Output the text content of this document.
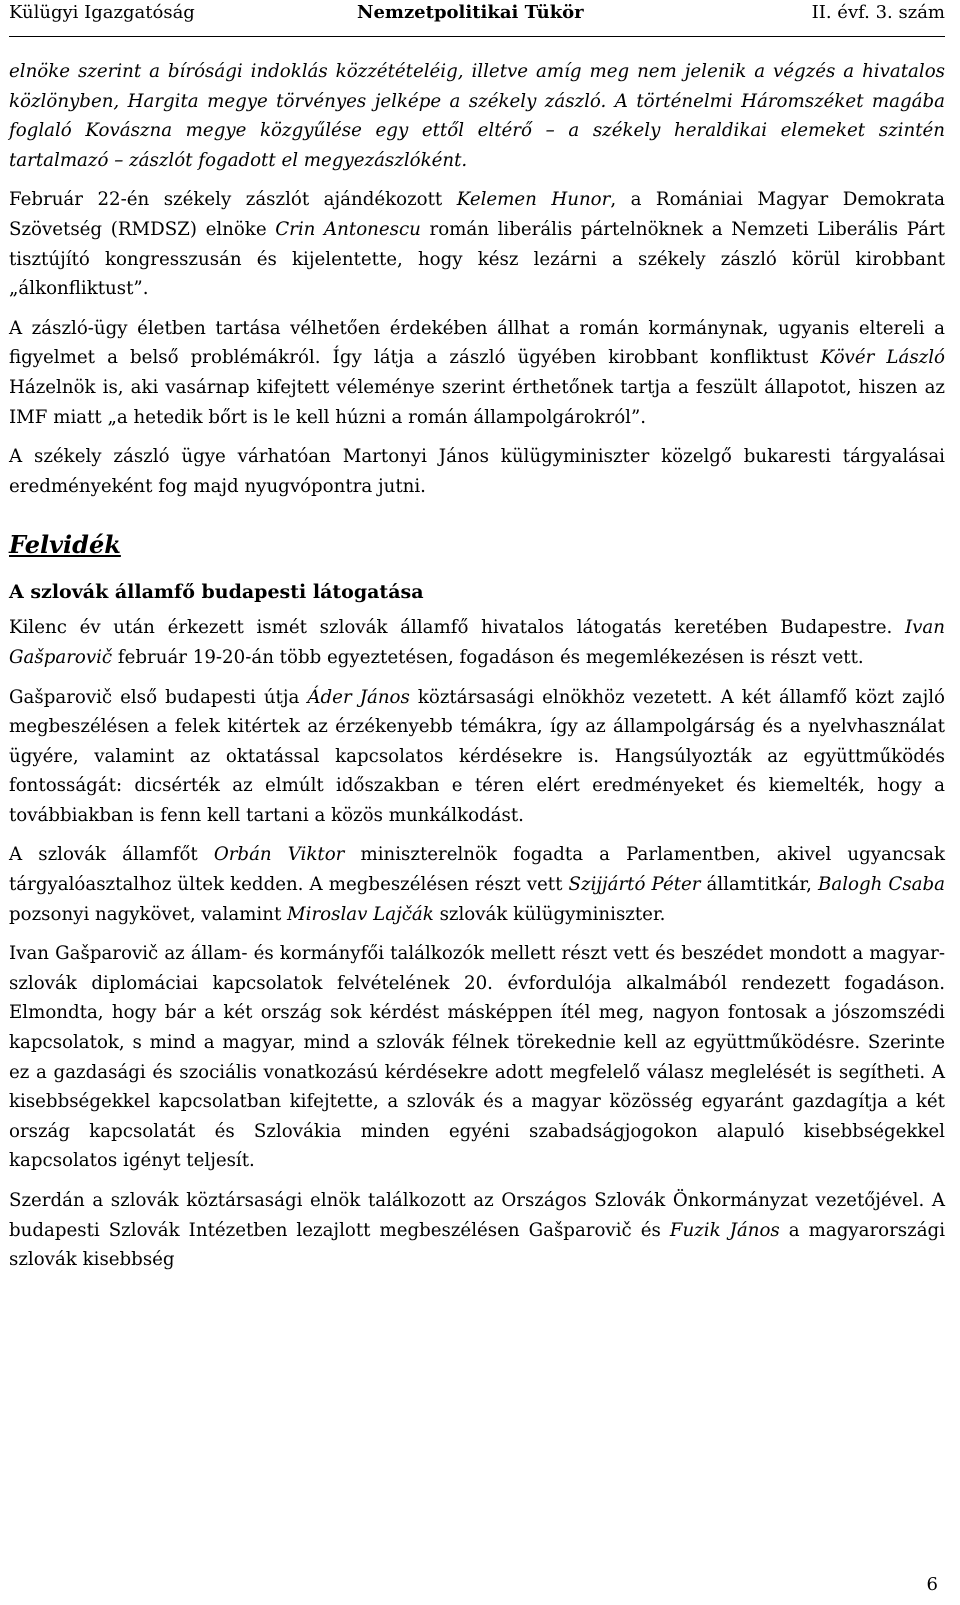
Külügyi Igazgatóság	Nemzetpolitikai Tükör	II. évf. 3. szám

elnöke szerint a bírósági indoklás közzétételéig, illetve amíg meg nem jelenik a végzés a hivatalos közlönyben, Hargita megye törvényes jelképe a székely zászló. A történelmi Háromszéket magába foglaló Kovászna megye közgyűlése egy ettől eltérő – a székely heraldikai elemeket szintén tartalmazó – zászlót fogadott el megyezászlóként.

Február 22-én székely zászlót ajándékozott Kelemen Hunor, a Romániai Magyar Demokrata Szövetség (RMDSZ) elnöke Crin Antonescu román liberális pártelnöknek a Nemzeti Liberális Párt tisztújító kongresszusán és kijelentette, hogy kész lezárni a székely zászló körül kirobbant „álkonfliktust”.

A zászló-ügy életben tartása vélhetően érdekében állhat a román kormánynak, ugyanis eltereli a figyelmet a belső problémákról. Így látja a zászló ügyében kirobbant konfliktust Kövér László Házelnök is, aki vasárnap kifejtett véleménye szerint érthetőnek tartja a feszült állapotot, hiszen az IMF miatt „a hetedik bőrt is le kell húzni a román állampolgárokról”.

A székely zászló ügye várhatóan Martonyi János külügyminiszter közelgő bukaresti tárgyalásai eredményeként fog majd nyugvópontra jutni.

Felvidék
A szlovák államfő budapesti látogatása

Kilenc év után érkezett ismét szlovák államfő hivatalos látogatás keretében Budapestre. Ivan Gašparovič február 19-20-án több egyeztetésen, fogadáson és megemlékezésen is részt vett.

Gašparovič első budapesti útja Áder János köztársasági elnökhöz vezetett. A két államfő közt zajló megbeszélésen a felek kitértek az érzékenyebb témákra, így az állampolgárság és a nyelvhasználat ügyére, valamint az oktatással kapcsolatos kérdésekre is. Hangsúlyozták az együttműködés fontosságát: dicsérték az elmúlt időszakban e téren elért eredményeket és kiemelték, hogy a továbbiakban is fenn kell tartani a közös munkálkodást.

A szlovák államfőt Orbán Viktor miniszterelnök fogadta a Parlamentben, akivel ugyancsak tárgyalóasztalhoz ültek kedden. A megbeszélésen részt vett Szijjártó Péter államtitkár, Balogh Csaba pozsonyi nagykövet, valamint Miroslav Lajčák szlovák külügyminiszter.

Ivan Gašparovič az állam- és kormányfői találkozók mellett részt vett és beszédet mondott a magyar-szlovák diplomáciai kapcsolatok felvételének 20. évfordulója alkalmából rendezett fogadáson. Elmondta, hogy bár a két ország sok kérdést másképpen ítél meg, nagyon fontosak a jószomszédi kapcsolatok, s mind a magyar, mind a szlovák félnek törekednie kell az együttműködésre. Szerinte ez a gazdasági és szociális vonatkozású kérdésekre adott megfelelő válasz meglelését is segítheti. A kisebbségekkel kapcsolatban kifejtette, a szlovák és a magyar közösség egyaránt gazdagítja a két ország kapcsolatát és Szlovákia minden egyéni szabadságjogokon alapuló kisebbségekkel kapcsolatos igényt teljesít.

Szerdán a szlovák köztársasági elnök találkozott az Országos Szlovák Önkormányzat vezetőjével. A budapesti Szlovák Intézetben lezajlott megbeszélésen Gašparovič és Fuzik János a magyarországi szlovák kisebbség

6
